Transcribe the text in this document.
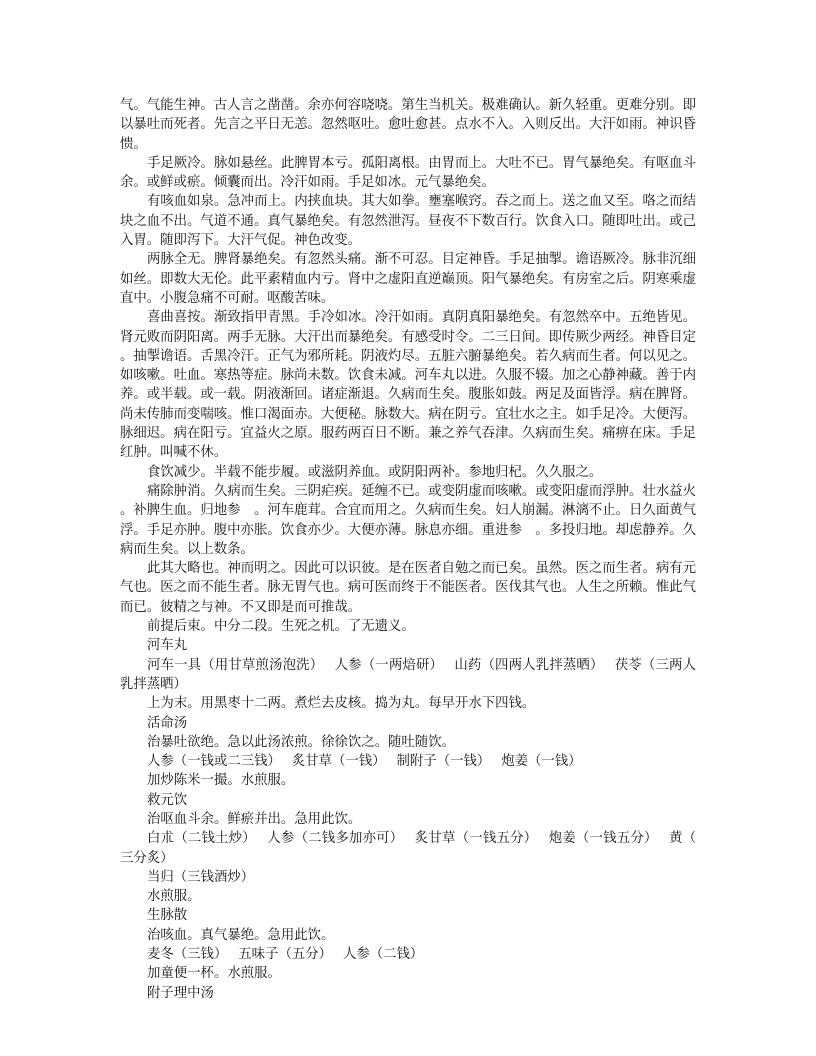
气。气能生神。古人言之凿凿。余亦何容哓哓。第生当机关。极难确认。新久轻重。更难分别。即以暴吐而死者。先言之平日无恙。忽然呕吐。愈吐愈甚。点水不入。入则反出。大汗如雨。神识昏愦。

手足厥冷。脉如悬丝。此脾胃本亏。孤阳离根。由胃而上。大吐不已。胃气暴绝矣。有呕血斗余。或鲜或瘀。倾囊而出。冷汗如雨。手足如冰。元气暴绝矣。

有咳血如泉。急冲而上。内挟血块。其大如拳。壅塞喉窍。吞之而上。送之血又至。咯之而结块之血不出。气道不通。真气暴绝矣。有忽然泄泻。昼夜不下数百行。饮食入口。随即吐出。或己入胃。随即泻下。大汗气促。神色改变。

两脉全无。脾肾暴绝矣。有忽然头痛。渐不可忍。目定神昏。手足抽掣。谵语厥冷。脉非沉细如丝。即数大无伦。此平素精血内亏。肾中之虚阳直逆巅顶。阳气暴绝矣。有房室之后。阴寒乘虚直中。小腹急痛不可耐。呕酸苦味。

喜曲喜按。渐致指甲青黑。手冷如冰。冷汗如雨。真阴真阳暴绝矣。有忽然卒中。五绝皆见。肾元败而阴阳离。两手无脉。大汗出而暴绝矣。有感受时令。二三日间。即传厥少两经。神昏目定。抽掣谵语。舌黑冷汗。正气为邪所耗。阴液灼尽。五脏六腑暴绝矣。若久病而生者。何以见之。如咳嗽。吐血。寒热等症。脉尚未数。饮食未减。河车丸以进。久服不辍。加之心静神藏。善于内养。或半载。或一载。阴液渐回。诸症渐退。久病而生矣。腹胀如鼓。两足及面皆浮。病在脾肾。尚未传肺而变喘咳。惟口渴面赤。大便秘。脉数大。病在阴亏。宜壮水之主。如手足冷。大便泻。脉细迟。病在阳亏。宜益火之原。服药两百日不断。兼之养气吞津。久病而生矣。痛痹在床。手足红肿。叫喊不休。

食饮减少。半载不能步履。或滋阴养血。或阴阳两补。参地归杞。久久服之。

痛除肿消。久病而生矣。三阴疟疾。延缠不已。或变阴虚而咳嗽。或变阳虚而浮肿。壮水益火。补脾生血。归地参　。河车鹿茸。合宜而用之。久病而生矣。妇人崩漏。淋漓不止。日久面黄气浮。手足亦肿。腹中亦胀。饮食亦少。大便亦薄。脉息亦细。重进参　。多投归地。却虑静养。久病而生矣。以上数条。

此其大略也。神而明之。因此可以识彼。是在医者自勉之而已矣。虽然。医之而生者。病有元气也。医之而不能生者。脉无胃气也。病可医而终于不能医者。医伐其气也。人生之所赖。惟此气而已。彼精之与神。不又即是而可推哉。

前提后束。中分二段。生死之机。了无遗义。

河车丸

河车一具（用甘草煎汤泡洗）　 人参（一两焙研）　 山药（四两人乳拌蒸晒）　 茯苓（三两人乳拌蒸晒）

上为末。用黑枣十二两。煮烂去皮核。捣为丸。每早开水下四钱。

活命汤

治暴吐欲绝。急以此汤浓煎。徐徐饮之。随吐随饮。

人参（一钱或二三钱）　 炙甘草（一钱）　 制附子（一钱）　 炮姜（一钱）

加炒陈米一撮。水煎服。

救元饮

治呕血斗余。鲜瘀并出。急用此饮。

白朮（二钱土炒）　 人参（二钱多加亦可）　 炙甘草（一钱五分）　 炮姜（一钱五分）　 黄（三分炙）

当归（三钱酒炒）

水煎服。

生脉散

治咳血。真气暴绝。急用此饮。

麦冬（三钱）　 五味子（五分）　 人参（二钱）

加童便一杯。水煎服。

附子理中汤
